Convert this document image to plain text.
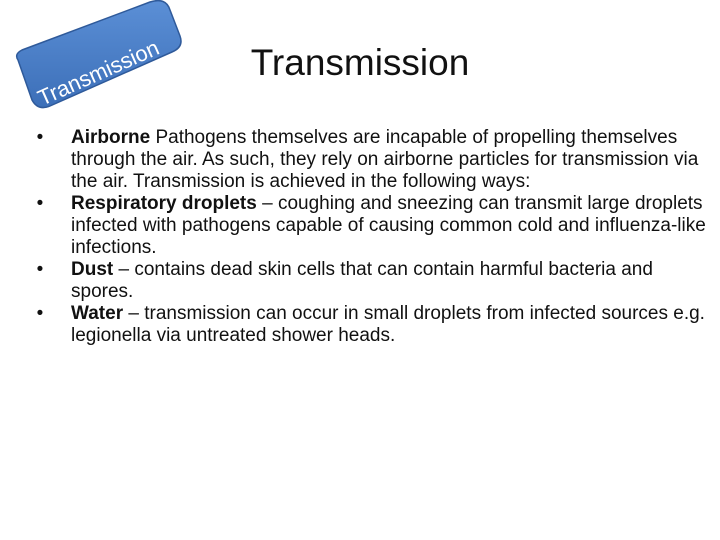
Transmission	Transmission
•	Airborne Pathogens themselves are incapable of propelling themselves through the air. As such, they rely on airborne particles for transmission via the air. Transmission is achieved in the following ways:
•	Respiratory droplets – coughing and sneezing can transmit large droplets infected with pathogens capable of causing common cold and influenza-like infections.
•	Dust – contains dead skin cells that can contain harmful bacteria and spores.
•	Water – transmission can occur in small droplets from infected sources e.g. legionella via untreated shower heads.
